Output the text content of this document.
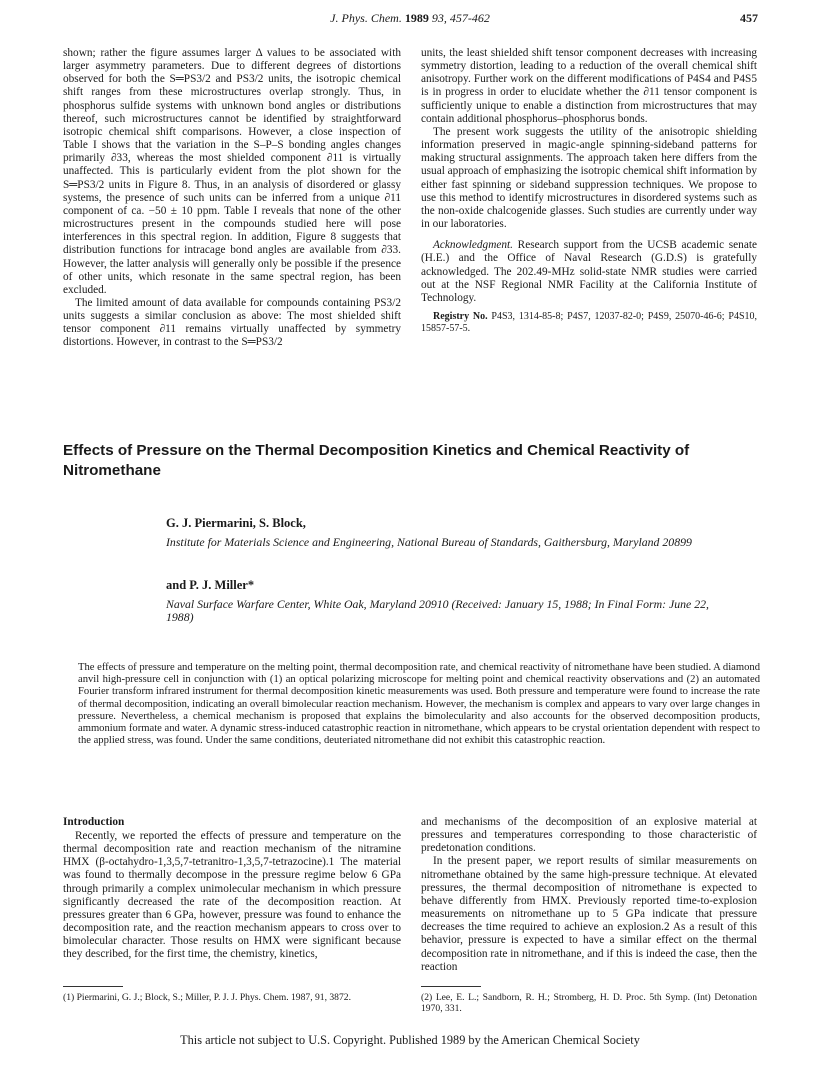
J. Phys. Chem. 1989 93, 457-462	457

shown; rather the figure assumes larger Δ values to be associated with larger asymmetry parameters. Due to different degrees of distortions observed for both the S═PS3/2 and PS3/2 units, the isotropic chemical shift ranges from these microstructures overlap strongly. Thus, in phosphorus sulfide systems with unknown bond angles or distributions thereof, such microstructures cannot be identified by straightforward isotropic chemical shift comparisons. However, a close inspection of Table I shows that the variation in the S–P–S bonding angles changes primarily ∂33, whereas the most shielded component ∂11 is virtually unaffected. This is particularly evident from the plot shown for the S═PS3/2 units in Figure 8. Thus, in an analysis of disordered or glassy systems, the presence of such units can be inferred from a unique ∂11 component of ca. −50 ± 10 ppm. Table I reveals that none of the other microstructures present in the compounds studied here will pose interferences in this spectral region. In addition, Figure 8 suggests that distribution functions for intracage bond angles are available from ∂33. However, the latter analysis will generally only be possible if the presence of other units, which resonate in the same spectral region, has been excluded.

The limited amount of data available for compounds containing PS3/2 units suggests a similar conclusion as above: The most shielded shift tensor component ∂11 remains virtually unaffected by symmetry distortions. However, in contrast to the S═PS3/2

units, the least shielded shift tensor component decreases with increasing symmetry distortion, leading to a reduction of the overall chemical shift anisotropy. Further work on the different modifications of P4S4 and P4S5 is in progress in order to elucidate whether the ∂11 tensor component is sufficiently unique to enable a distinction from microstructures that may contain additional phosphorus–phosphorus bonds.

The present work suggests the utility of the anisotropic shielding information preserved in magic-angle spinning-sideband patterns for making structural assignments. The approach taken here differs from the usual approach of emphasizing the isotropic chemical shift information by either fast spinning or sideband suppression techniques. We propose to use this method to identify microstructures in disordered systems such as the non-oxide chalcogenide glasses. Such studies are currently under way in our laboratories.

Acknowledgment. Research support from the UCSB academic senate (H.E.) and the Office of Naval Research (G.D.S) is gratefully acknowledged. The 202.49-MHz solid-state NMR studies were carried out at the NSF Regional NMR Facility at the California Institute of Technology.

Registry No. P4S3, 1314-85-8; P4S7, 12037-82-0; P4S9, 25070-46-6; P4S10, 15857-57-5.

Effects of Pressure on the Thermal Decomposition Kinetics and Chemical Reactivity of Nitromethane
G. J. Piermarini, S. Block,
Institute for Materials Science and Engineering, National Bureau of Standards, Gaithersburg, Maryland 20899
and P. J. Miller*
Naval Surface Warfare Center, White Oak, Maryland 20910 (Received: January 15, 1988; In Final Form: June 22, 1988)
The effects of pressure and temperature on the melting point, thermal decomposition rate, and chemical reactivity of nitromethane have been studied. A diamond anvil high-pressure cell in conjunction with (1) an optical polarizing microscope for melting point and chemical reactivity observations and (2) an automated Fourier transform infrared instrument for thermal decomposition kinetic measurements was used. Both pressure and temperature were found to increase the rate of thermal decomposition, indicating an overall bimolecular reaction mechanism. However, the mechanism is complex and appears to vary over large changes in pressure. Nevertheless, a chemical mechanism is proposed that explains the bimolecularity and also accounts for the observed decomposition products, ammonium formate and water. A dynamic stress-induced catastrophic reaction in nitromethane, which appears to be crystal orientation dependent with respect to the applied stress, was found. Under the same conditions, deuteriated nitromethane did not exhibit this catastrophic reaction.
Introduction

Recently, we reported the effects of pressure and temperature on the thermal decomposition rate and reaction mechanism of the nitramine HMX (β-octahydro-1,3,5,7-tetranitro-1,3,5,7-tetrazocine).1 The material was found to thermally decompose in the pressure regime below 6 GPa through primarily a complex unimolecular mechanism in which pressure significantly decreased the rate of the decomposition reaction. At pressures greater than 6 GPa, however, pressure was found to enhance the decomposition rate, and the reaction mechanism appears to cross over to bimolecular character. Those results on HMX were significant because they described, for the first time, the chemistry, kinetics,

and mechanisms of the decomposition of an explosive material at pressures and temperatures corresponding to those characteristic of predetonation conditions.

In the present paper, we report results of similar measurements on nitromethane obtained by the same high-pressure technique. At elevated pressures, the thermal decomposition of nitromethane is expected to behave differently from HMX. Previously reported time-to-explosion measurements on nitromethane up to 5 GPa indicate that pressure decreases the time required to achieve an explosion.2 As a result of this behavior, pressure is expected to have a similar effect on the thermal decomposition rate in nitromethane, and if this is indeed the case, then the reaction

(1) Piermarini, G. J.; Block, S.; Miller, P. J. J. Phys. Chem. 1987, 91, 3872.	(2) Lee, E. L.; Sandborn, R. H.; Stromberg, H. D. Proc. 5th Symp. (Int) Detonation 1970, 331.
This article not subject to U.S. Copyright. Published 1989 by the American Chemical Society
